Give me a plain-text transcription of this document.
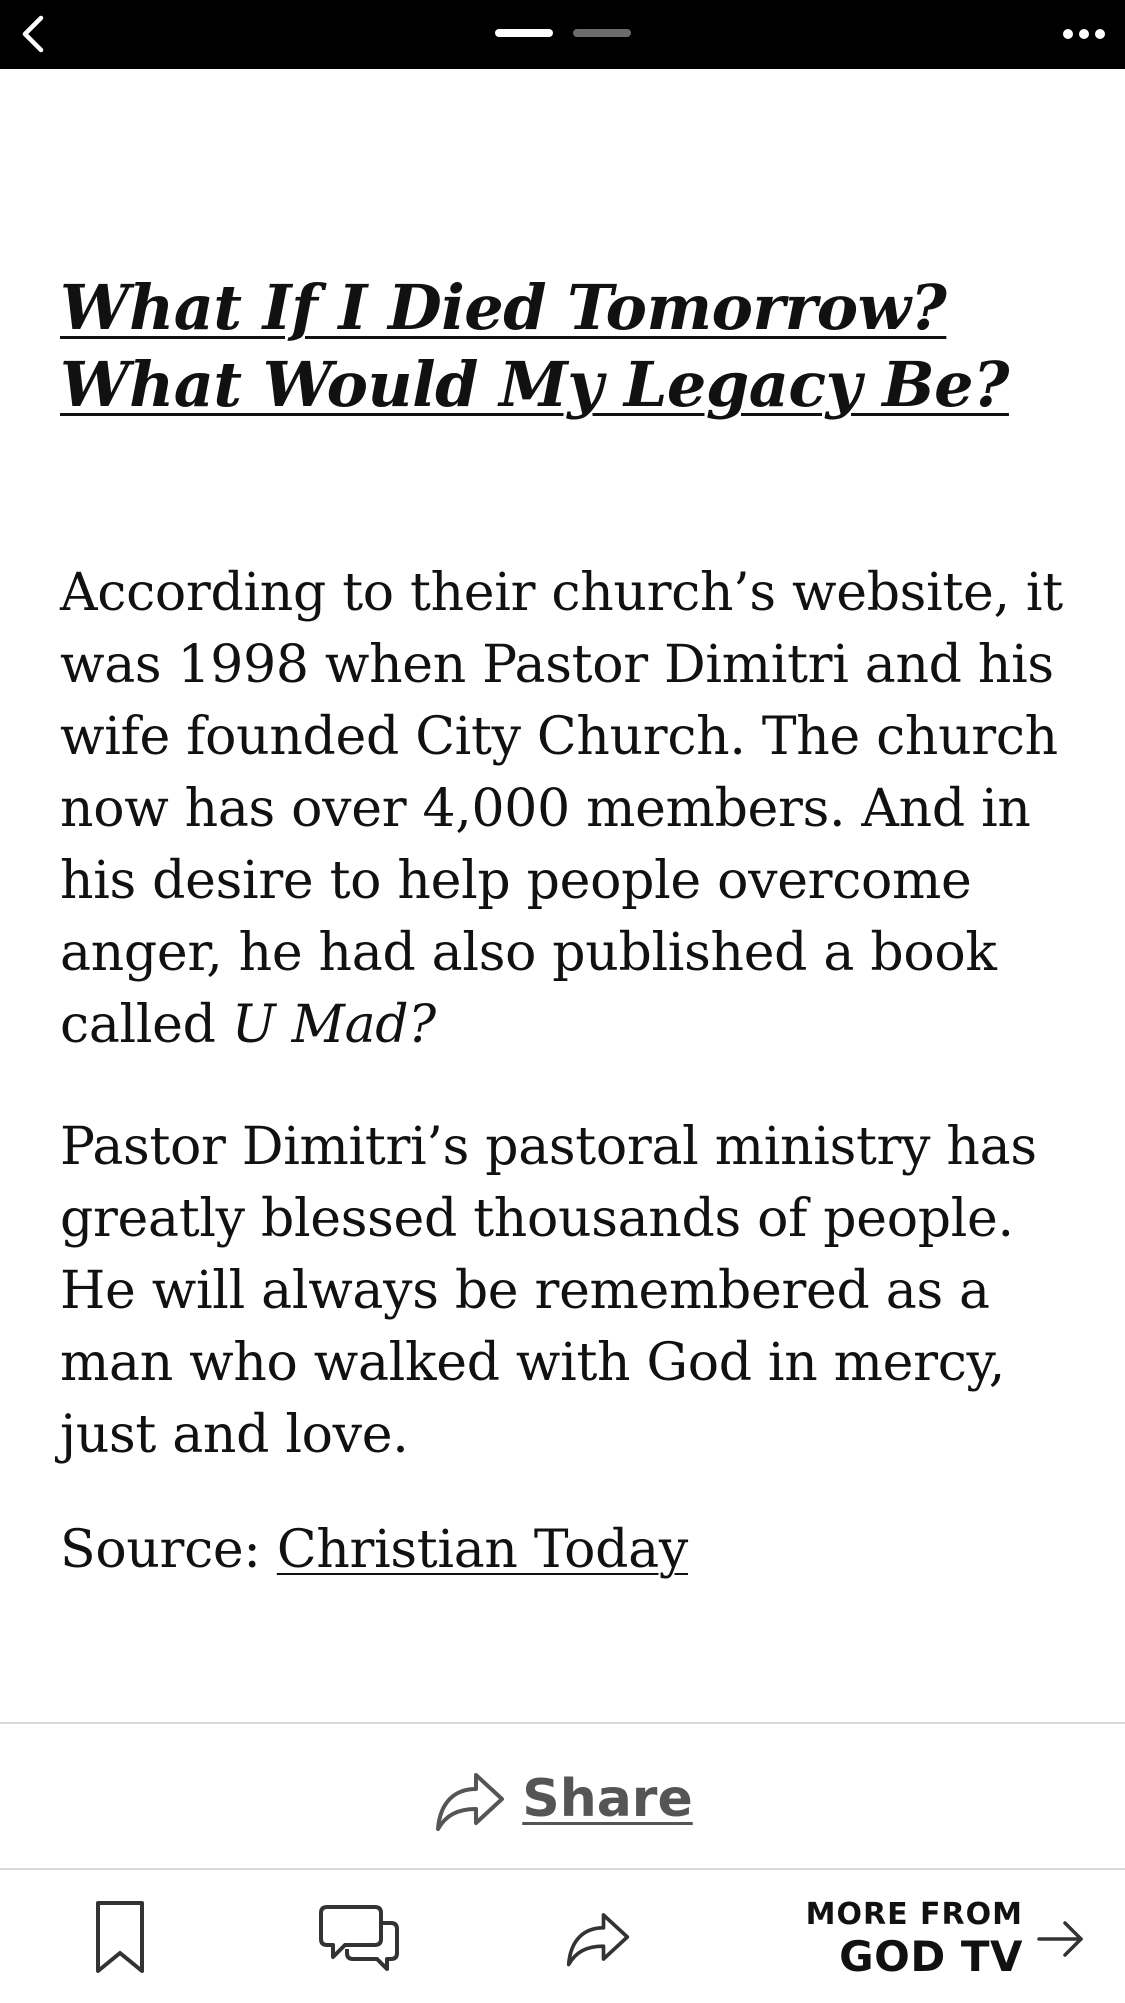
What If I Died Tomorrow? What Would My Legacy Be?

According to their church’s website, it was 1998 when Pastor Dimitri and his wife founded City Church. The church now has over 4,000 members. And in his desire to help people overcome anger, he had also published a book called U Mad?

Pastor Dimitri’s pastoral ministry has greatly blessed thousands of people. He will always be remembered as a man who walked with God in mercy, just and love.

Source: Christian Today

Share
MORE FROM
GOD TV
